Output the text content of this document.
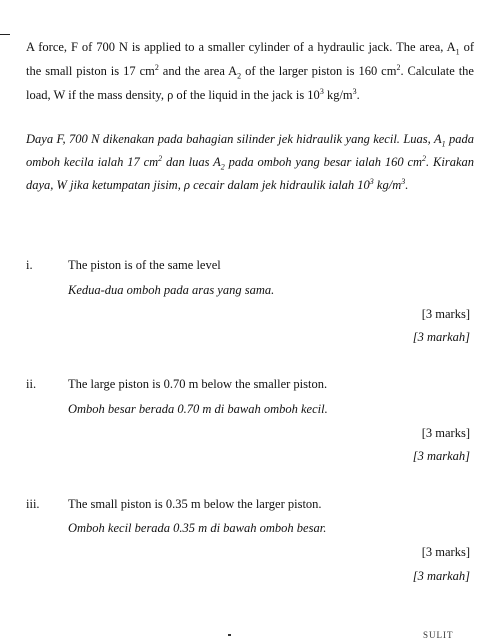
A force, F of 700 N is applied to a smaller cylinder of a hydraulic jack. The area, $A_1$ of the small piston is 17 $cm^2$ and the area $A_2$ of the larger piston is 160 $cm^2$. Calculate the load, W if the mass density, ρ of the liquid in the jack is $10^3$ $kg/m^3$.
Daya F, 700 N dikenakan pada bahagian silinder jek hidraulik yang kecil. Luas, $A_1$ pada omboh kecila ialah 17 $cm^2$ dan luas $A_2$ pada omboh yang besar ialah 160 $cm^2$. Kirakan daya, W jika ketumpatan jisim, ρ cecair dalam jek hidraulik ialah $10^3$ $kg/m^3$.
i.	The piston is of the same level
Kedua-dua omboh pada aras yang sama.
[3 marks]
[3 markah]
ii.	The large piston is 0.70 m below the smaller piston.
Omboh besar berada 0.70 m di bawah omboh kecil.
[3 marks]
[3 markah]
iii. The small piston is 0.35 m below the larger piston.
Omboh kecil berada 0.35 m di bawah omboh besar.
[3 marks]
[3 markah]
SULIT
